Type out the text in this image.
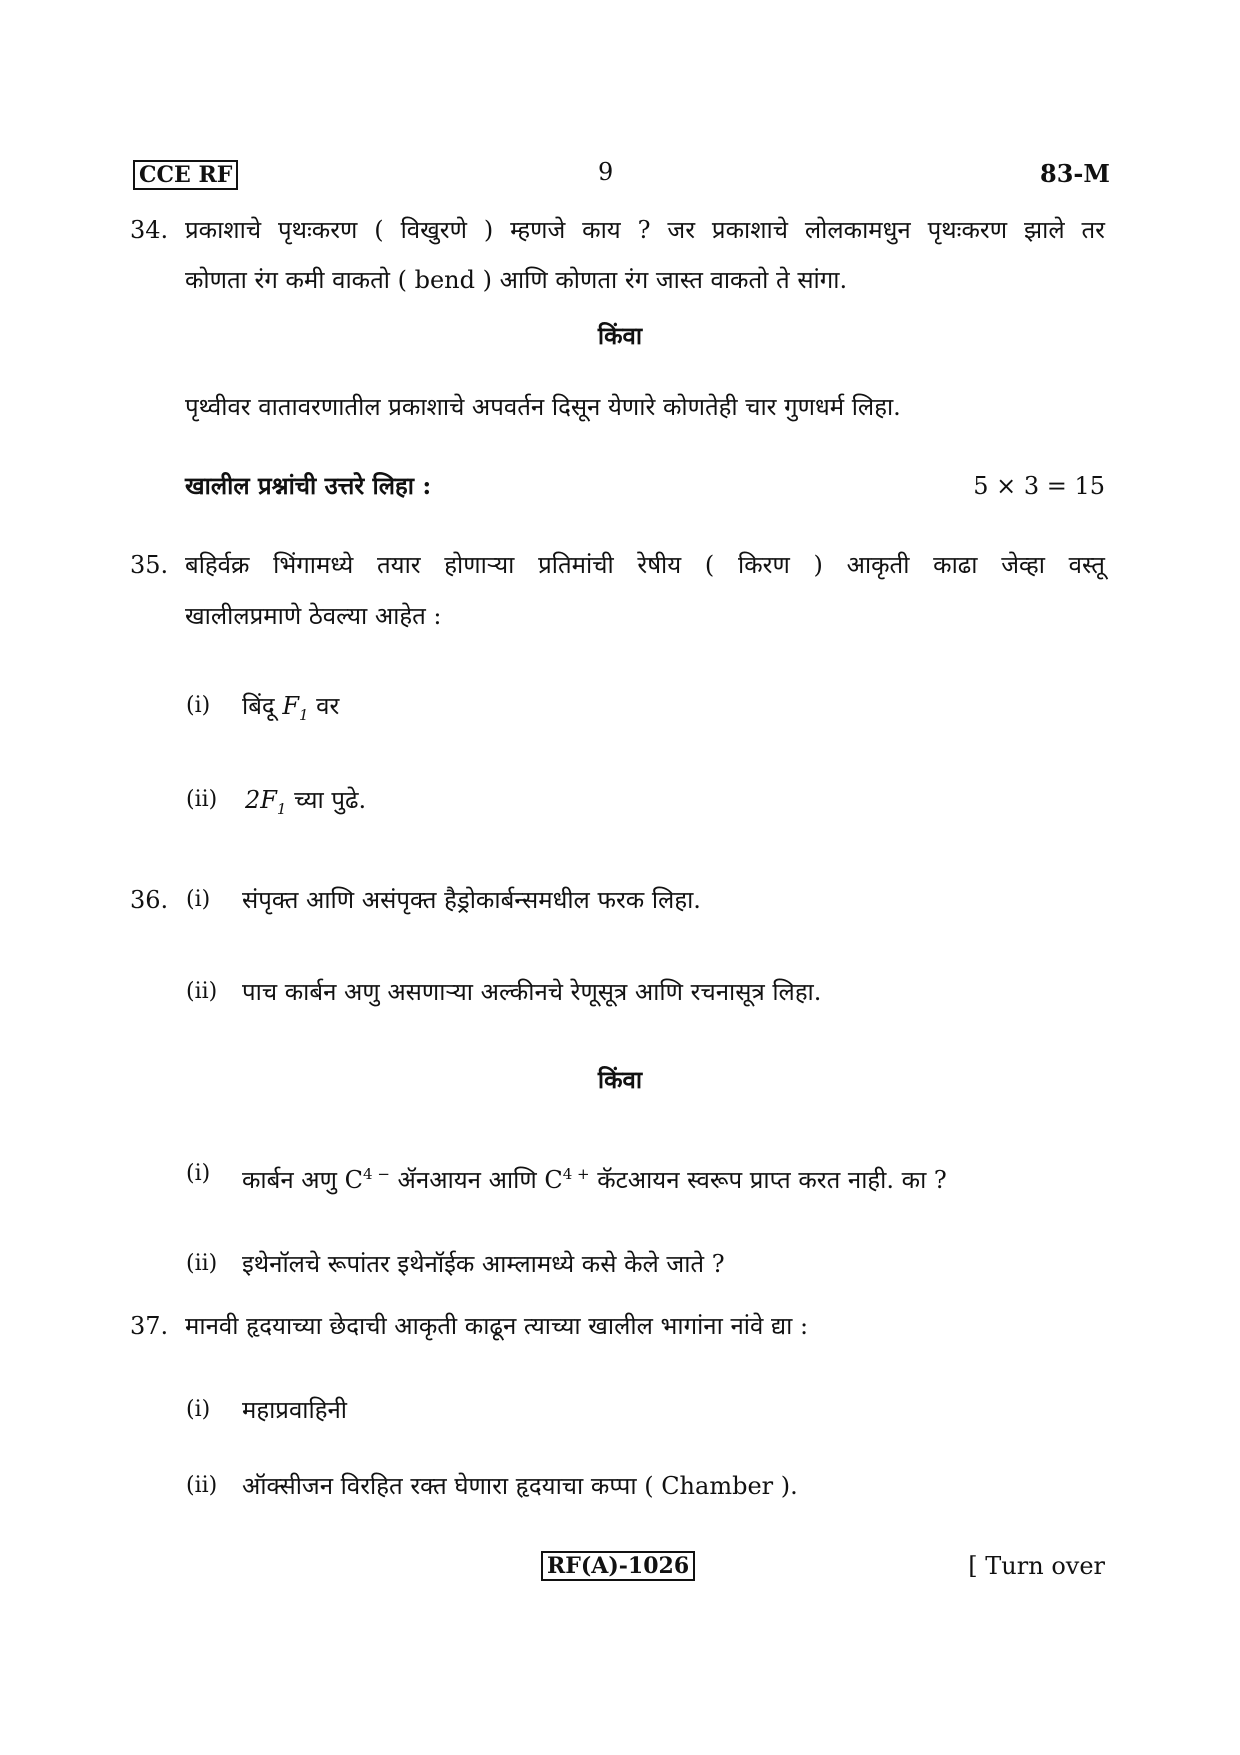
CCE RF	9	83-M
34. प्रकाशाचे पृथःकरण ( विखुरणे ) म्हणजे काय ? जर प्रकाशाचे लोलकामधुन पृथःकरण झाले तर
कोणता रंग कमी वाकतो ( bend ) आणि कोणता रंग जास्त वाकतो ते सांगा.
किंवा
पृथ्वीवर वातावरणातील प्रकाशाचे अपवर्तन दिसून येणारे कोणतेही चार गुणधर्म लिहा.
खालील प्रश्नांची उत्तरे लिहा :	5 × 3 = 15
35. बहिर्वक्र भिंगामध्ये तयार होणाऱ्या प्रतिमांची रेषीय ( किरण ) आकृती काढा जेव्हा वस्तू
खालीलप्रमाणे ठेवल्या आहेत :
(i) बिंदू $F_1$ वर
(ii) $2F_1$ च्या पुढे.
36. (i) संपृक्त आणि असंपृक्त हैड्रोकार्बन्समधील फरक लिहा.
(ii) पाच कार्बन अणु असणाऱ्या अल्कीनचे रेणूसूत्र आणि रचनासूत्र लिहा.
किंवा
(i) कार्बन अणु $C^{4 -}$ ॲनआयन आणि $C^{4 +}$ कॅटआयन स्वरूप प्राप्त करत नाही. का ?
(ii) इथेनॉलचे रूपांतर इथेनॉईक आम्लामध्ये कसे केले जाते ?
37. मानवी हृदयाच्या छेदाची आकृती काढून त्याच्या खालील भागांना नांवे द्या :
(i) महाप्रवाहिनी
(ii) ऑक्सीजन विरहित रक्त घेणारा हृदयाचा कप्पा ( Chamber ).
RF(A)-1026	[ Turn over
